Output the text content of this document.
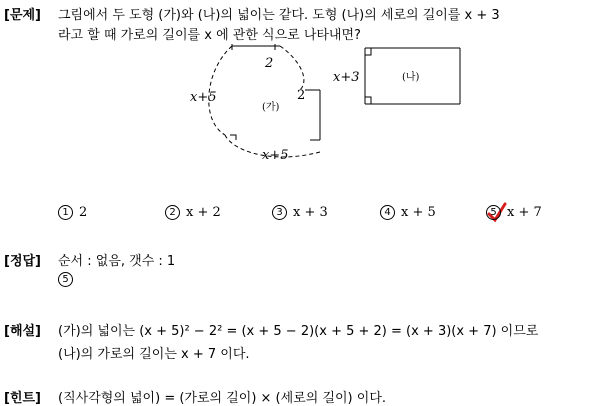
[문제] 그림에서 두 도형 (가)와 (나)의 넓이는 같다. 도형 (나)의 세로의 길이를 x + 3
라고 할 때 가로의 길이를 x 에 관한 식으로 나타내면?
x+5
2
2
x+5
(가)
x+3	(나)
1 2	2 x + 2	3 x + 3	4 x + 5	5 x + 7
[정답] 순서 : 없음, 갯수 : 1
5
[해설] (가)의 넓이는 (x + 5)² − 2² = (x + 5 − 2)(x + 5 + 2) = (x + 3)(x + 7) 이므로
(나)의 가로의 길이는 x + 7 이다.
[힌트] (직사각형의 넓이) = (가로의 길이) × (세로의 길이) 이다.
